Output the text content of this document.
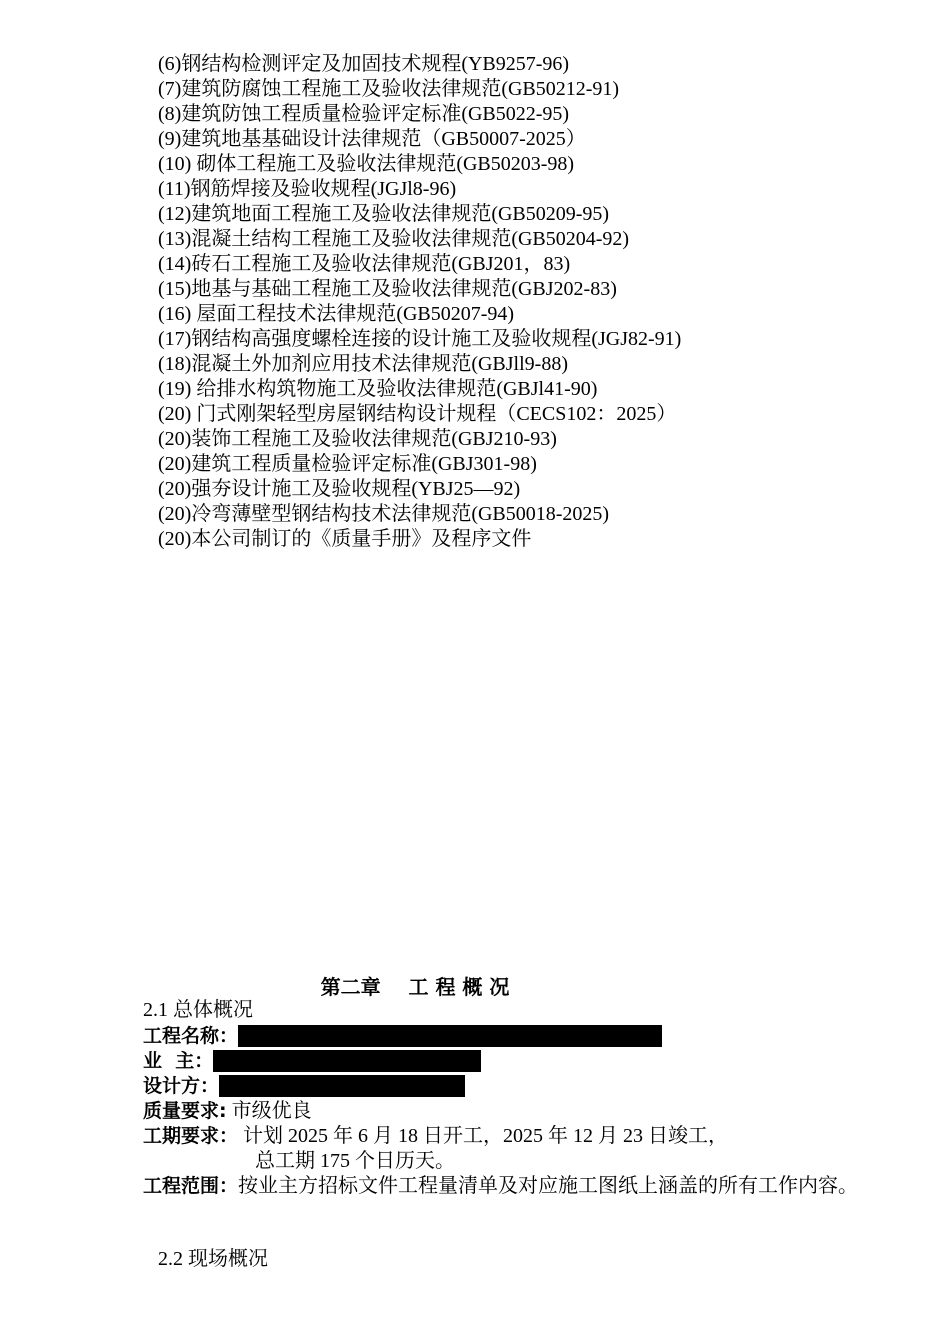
(6)钢结构检测评定及加固技术规程(YB9257-96)
(7)建筑防腐蚀工程施工及验收法律规范(GB50212-91)
(8)建筑防蚀工程质量检验评定标准(GB5022-95)
(9)建筑地基基础设计法律规范（GB50007-2025）
(10) 砌体工程施工及验收法律规范(GB50203-98)
(11)钢筋焊接及验收规程(JGJl8-96)
(12)建筑地面工程施工及验收法律规范(GB50209-95)
(13)混凝土结构工程施工及验收法律规范(GB50204-92)
(14)砖石工程施工及验收法律规范(GBJ201，83)
(15)地基与基础工程施工及验收法律规范(GBJ202-83)
(16) 屋面工程技术法律规范(GB50207-94)
(17)钢结构高强度螺栓连接的设计施工及验收规程(JGJ82-91)
(18)混凝土外加剂应用技术法律规范(GBJll9-88)
(19) 给排水构筑物施工及验收法律规范(GBJl41-90)
(20) 门式刚架轻型房屋钢结构设计规程（CECS102：2025）
(20)装饰工程施工及验收法律规范(GBJ210-93)
(20)建筑工程质量检验评定标准(GBJ301-98)
(20)强夯设计施工及验收规程(YBJ25—92)
(20)冷弯薄壁型钢结构技术法律规范(GB50018-2025)
(20)本公司制订的《质量手册》及程序文件
第二章    工 程 概 况
2.1 总体概况
工程名称：
业  主：
设计方：
质量要求: 市级优良
工期要求： 计划 2025 年 6 月 18 日开工，2025 年 12 月 23 日竣工，
总工期 175 个日历天。
工程范围：按业主方招标文件工程量清单及对应施工图纸上涵盖的所有工作内容。
2.2 现场概况
